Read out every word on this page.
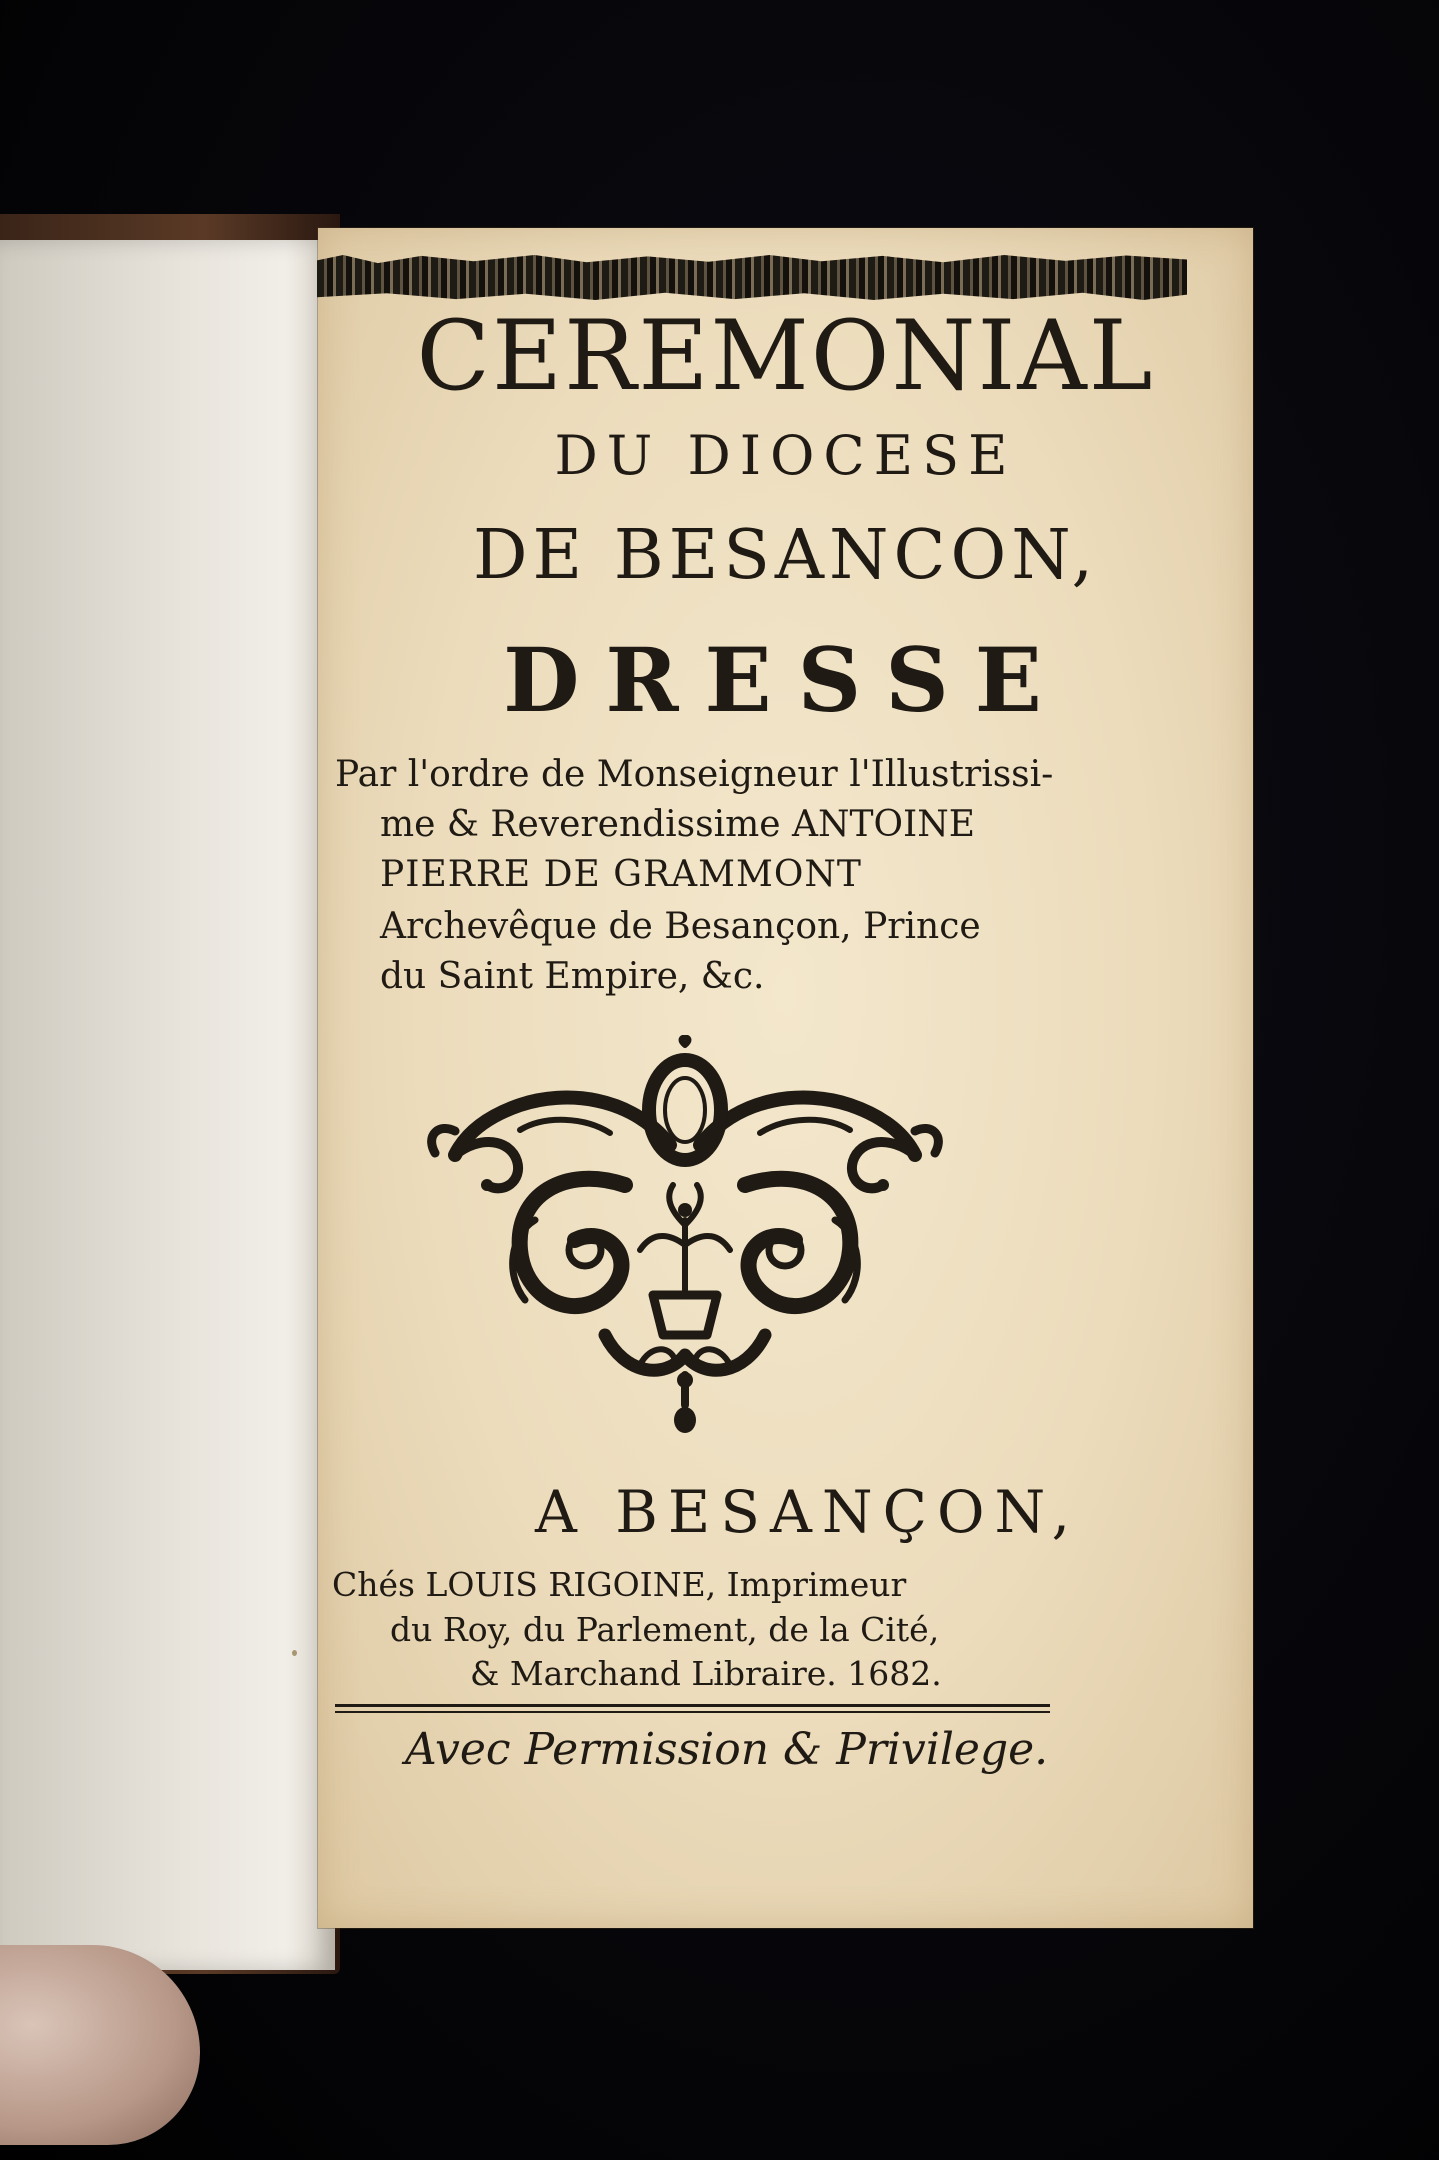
CEREMONIAL

DU DIOCESE

DE BESANCON,

DRESSE

Par l'ordre de Monseigneur l'Illustrissi-

me & Reverendissime ANTOINE

PIERRE DE GRAMMONT

Archevêque de Besançon, Prince

du Saint Empire, &c.

A BESANÇON,

Chés LOUIS RIGOINE, Imprimeur

du Roy, du Parlement, de la Cité,

& Marchand Libraire. 1682.

Avec Permission & Privilege.
